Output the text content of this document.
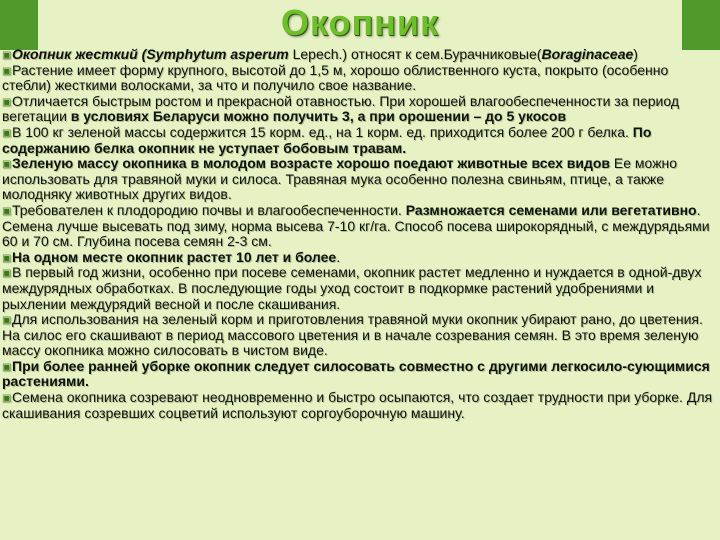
Окопник

▣Окопник жесткий (Symphytum asperum Lepech.) относят к сем.Бурачниковые(Boraginaceae)

▣Растение имеет форму крупного, высотой до 1,5 м, хорошо облиственного куста, покрыто (особенно стебли) жесткими волосками, за что и получило свое название.

▣Отличается быстрым ростом и прекрасной отавностью. При хорошей влагообеспеченности за период вегетации в условиях Беларуси можно получить 3, а при орошении – до 5 укосов

▣В 100 кг зеленой массы содержится 15 корм. ед., на 1 корм. ед. приходится более 200 г белка. По содержанию белка окопник не уступает бобовым травам.

▣Зеленую массу окопника в молодом возрасте хорошо поедают животные всех видов Ее можно использовать для травяной муки и силоса. Травяная мука особенно полезна свиньям, птице, а также молодняку животных других видов.

▣Требователен к плодородию почвы и влагообеспеченности. Размножается семенами или вегетативно. Семена лучше высевать под зиму, норма высева 7-10 кг/га. Способ посева широкорядный, с междурядьями 60 и 70 см. Глубина посева семян 2-3 см.

▣На одном месте окопник растет 10 лет и более.

▣В первый год жизни, особенно при посеве семенами, окопник растет медленно и нуждается в одной-двух междурядных обработках. В последующие годы уход состоит в подкормке растений удобрениями и рыхлении междурядий весной и после скашивания.

▣Для использования на зеленый корм и приготовления травяной муки окопник убирают рано, до цветения. На силос его скашивают в период массового цветения и в начале созревания семян. В это время зеленую массу окопника можно силосовать в чистом виде.

▣При более ранней уборке окопник следует силосовать совместно с другими легкосило-сующимися растениями.

▣Семена окопника созревают неодновременно и быстро осыпаются, что создает трудности при уборке. Для скашивания созревших соцветий используют соргоуборочную машину.
